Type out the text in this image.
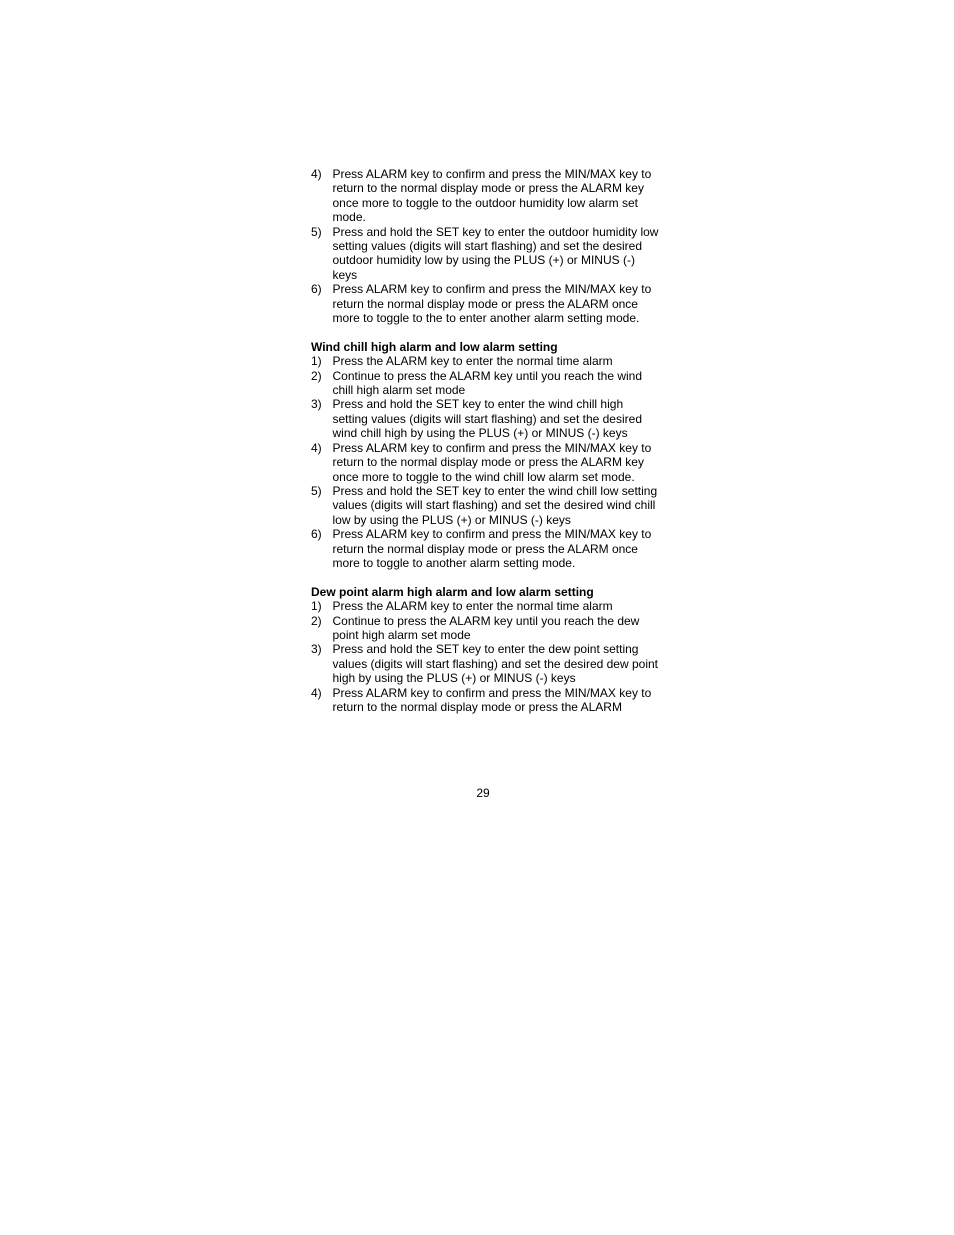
4) Press ALARM key to confirm and press the MIN/MAX key to return to the normal display mode or press the ALARM key once more to toggle to the outdoor humidity low alarm set mode.
5) Press and hold the SET key to enter the outdoor humidity low setting values (digits will start flashing) and set the desired outdoor humidity low by using the PLUS (+) or MINUS (-) keys
6) Press ALARM key to confirm and press the MIN/MAX key to return the normal display mode or press the ALARM once more to toggle to the to enter another alarm setting mode.
Wind chill high alarm and low alarm setting
1) Press the ALARM key to enter the normal time alarm
2) Continue to press the ALARM key until you reach the wind chill high alarm set mode
3) Press and hold the SET key to enter the wind chill high setting values (digits will start flashing) and set the desired wind chill high by using the PLUS (+) or MINUS (-) keys
4) Press ALARM key to confirm and press the MIN/MAX key to return to the normal display mode or press the ALARM key once more to toggle to the wind chill low alarm set mode.
5) Press and hold the SET key to enter the wind chill low setting values (digits will start flashing) and set the desired wind chill low by using the PLUS (+) or MINUS (-) keys
6) Press ALARM key to confirm and press the MIN/MAX key to return the normal display mode or press the ALARM once more to toggle to another alarm setting mode.
Dew point alarm high alarm and low alarm setting
1) Press the ALARM key to enter the normal time alarm
2) Continue to press the ALARM key until you reach the dew point high alarm set mode
3) Press and hold the SET key to enter the dew point setting values (digits will start flashing) and set the desired dew point high by using the PLUS (+) or MINUS (-) keys
4) Press ALARM key to confirm and press the MIN/MAX key to return to the normal display mode or press the ALARM
29
